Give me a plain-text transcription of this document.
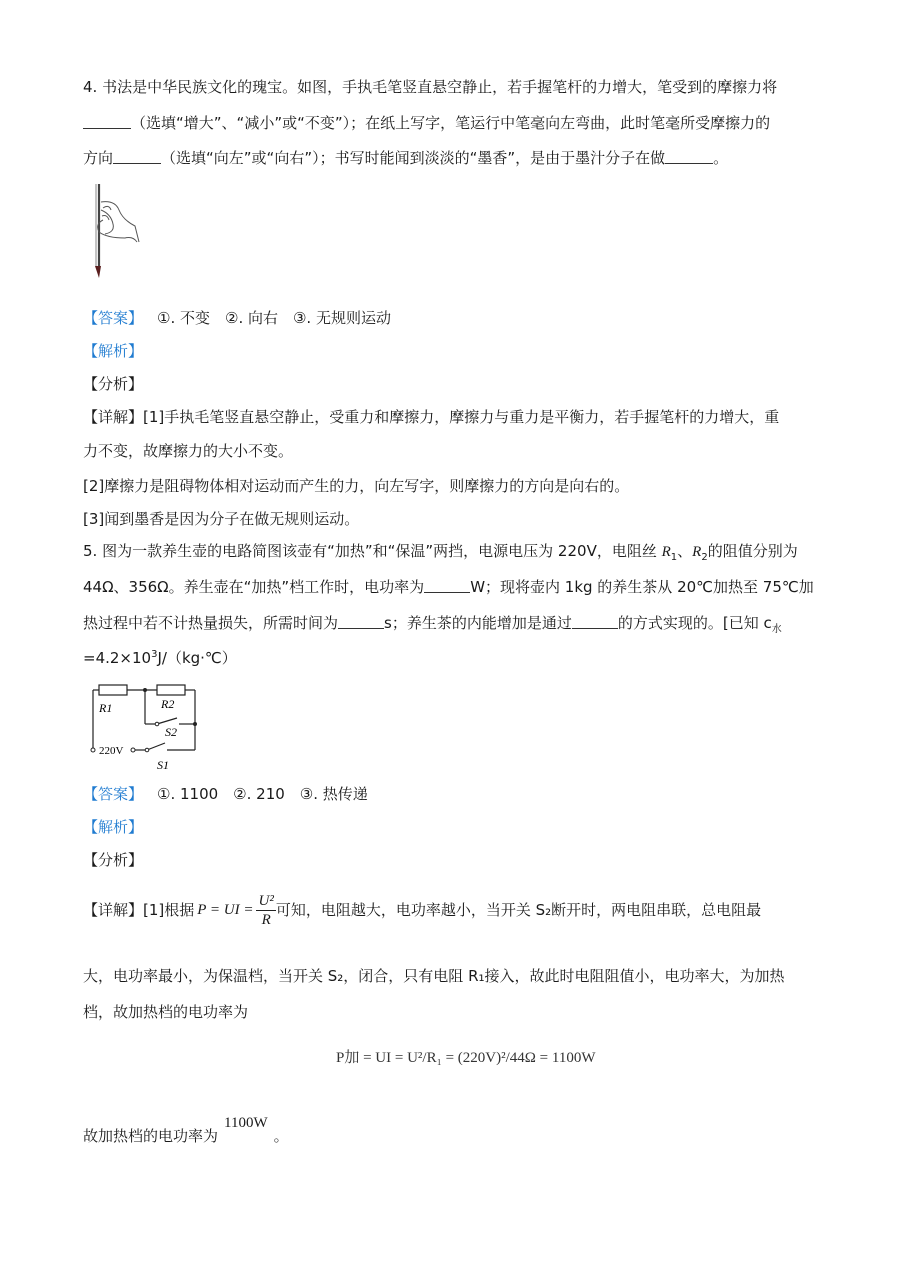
4. 书法是中华民族文化的瑰宝。如图，手执毛笔竖直悬空静止，若手握笔杆的力增大，笔受到的摩擦力将
（选填“增大”、“减小”或“不变”）；在纸上写字，笔运行中笔毫向左弯曲，此时笔毫所受摩擦力的
方向	（选填“向左”或“向右”）；书写时能闻到淡淡的“墨香”，是由于墨汁分子在做	。
【答案】 ①. 不变　②. 向右　③. 无规则运动
【解析】
【分析】
【详解】[1]手执毛笔竖直悬空静止，受重力和摩擦力，摩擦力与重力是平衡力，若手握笔杆的力增大，重
力不变，故摩擦力的大小不变。
[2]摩擦力是阻碍物体相对运动而产生的力，向左写字，则摩擦力的方向是向右的。
[3]闻到墨香是因为分子在做无规则运动。
5. 图为一款养生壶的电路简图该壶有“加热”和“保温”两挡，电源电压为 220V，电阻丝 $R_1$、$R_2$的阻值分别为
44Ω、356Ω。养生壶在“加热”档工作时，电功率为	W；现将壶内 1kg 的养生茶从 20℃加热至 75℃加
热过程中若不计热量损失，所需时间为	s；养生茶的内能增加是通过	的方式实现的。[已知 $c_水$
$=4.2\times 10^3J/(kg\cdot℃)$
R1	R2
S2
220V
S1
【答案】 ①. 1100　②. 210　③. 热传递
【解析】
【分析】
【详解】 [1]根据 P = UI = $\frac{\text{U²}}{R}$ 可知，电阻越大，电功率越小，当开关 S₂断开时，两电阻串联，总电阻最
大，电功率最小，为保温档，当开关 S₂，闭合，只有电阻 R₁接入，故此时电阻阻值小，电功率大，为加热
档，故加热档的电功率为
P加 = UI = U²/R₁ = (220V)²/44Ω = 1100W
故加热档的电功率为1100W。
